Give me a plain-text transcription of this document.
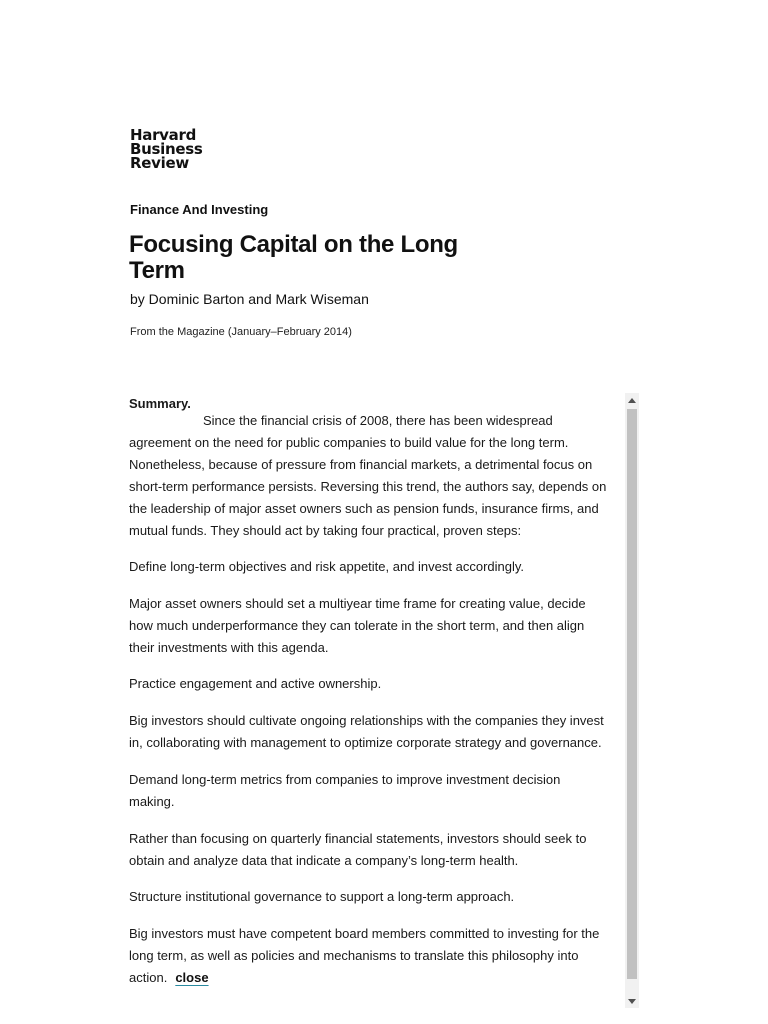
Harvard
Business
Review
Finance And Investing
Focusing Capital on the Long Term
by Dominic Barton and Mark Wiseman
From the Magazine (January–February 2014)
Summary.
Since the financial crisis of 2008, there has been widespread
agreement on the need for public companies to build value for the long term.
Nonetheless, because of pressure from financial markets, a detrimental focus on
short-term performance persists. Reversing this trend, the authors say, depends on
the leadership of major asset owners such as pension funds, insurance firms, and
mutual funds. They should act by taking four practical, proven steps:
Define long-term objectives and risk appetite, and invest accordingly.
Major asset owners should set a multiyear time frame for creating value, decide
how much underperformance they can tolerate in the short term, and then align
their investments with this agenda.
Practice engagement and active ownership.
Big investors should cultivate ongoing relationships with the companies they invest
in, collaborating with management to optimize corporate strategy and governance.
Demand long-term metrics from companies to improve investment decision
making.
Rather than focusing on quarterly financial statements, investors should seek to
obtain and analyze data that indicate a company’s long-term health.
Structure institutional governance to support a long-term approach.
Big investors must have competent board members committed to investing for the
long term, as well as policies and mechanisms to translate this philosophy into
action. close
